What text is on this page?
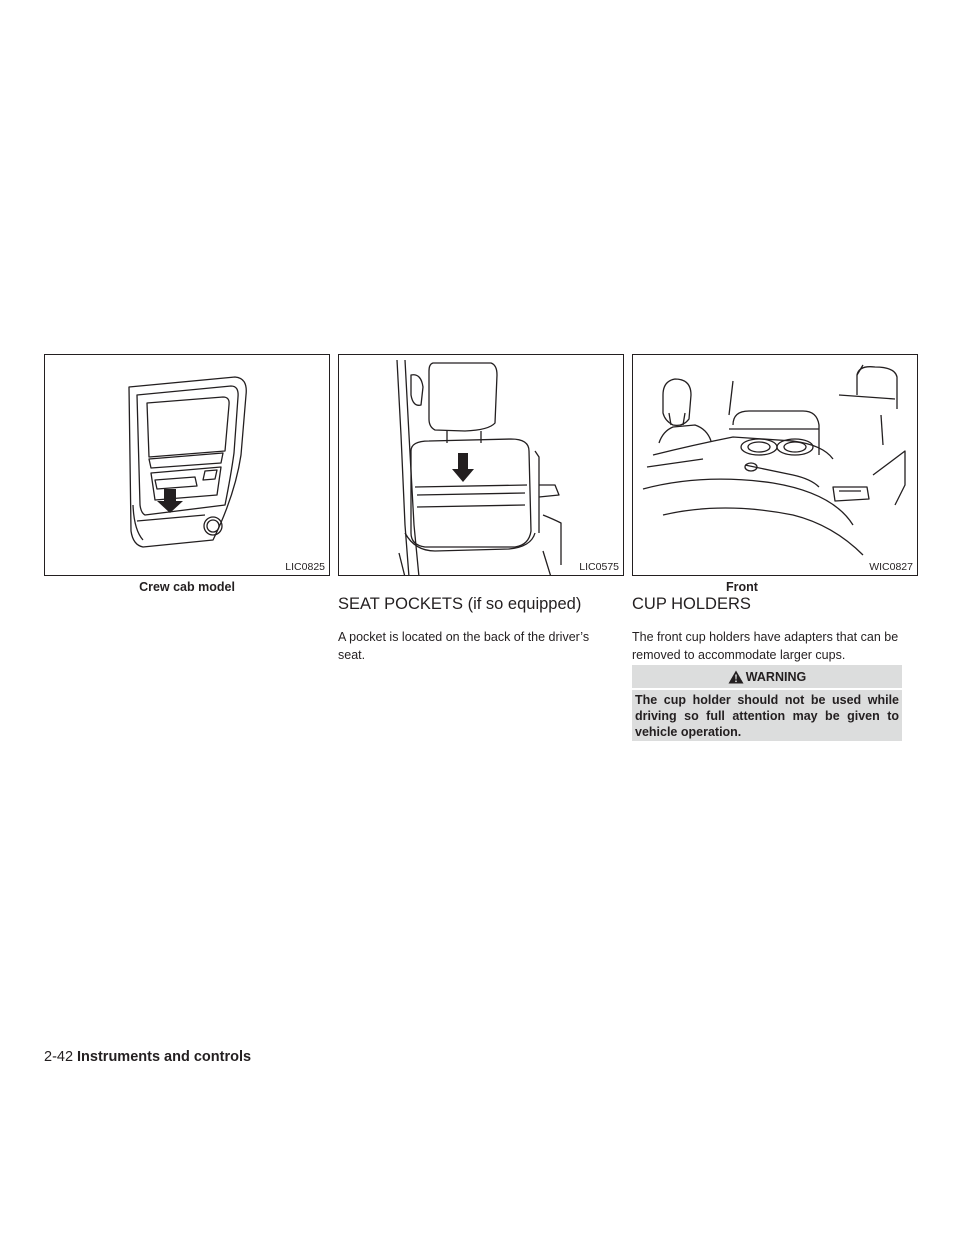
LIC0825
Crew cab model
LIC0575	WIC0827
Front
SEAT POCKETS (if so equipped)

A pocket is located on the back of the driver’s seat.

CUP HOLDERS

The front cup holders have adapters that can be removed to accommodate larger cups.

WARNING
The cup holder should not be used while driving so full attention may be given to vehicle operation.
2-42 Instruments and controls
